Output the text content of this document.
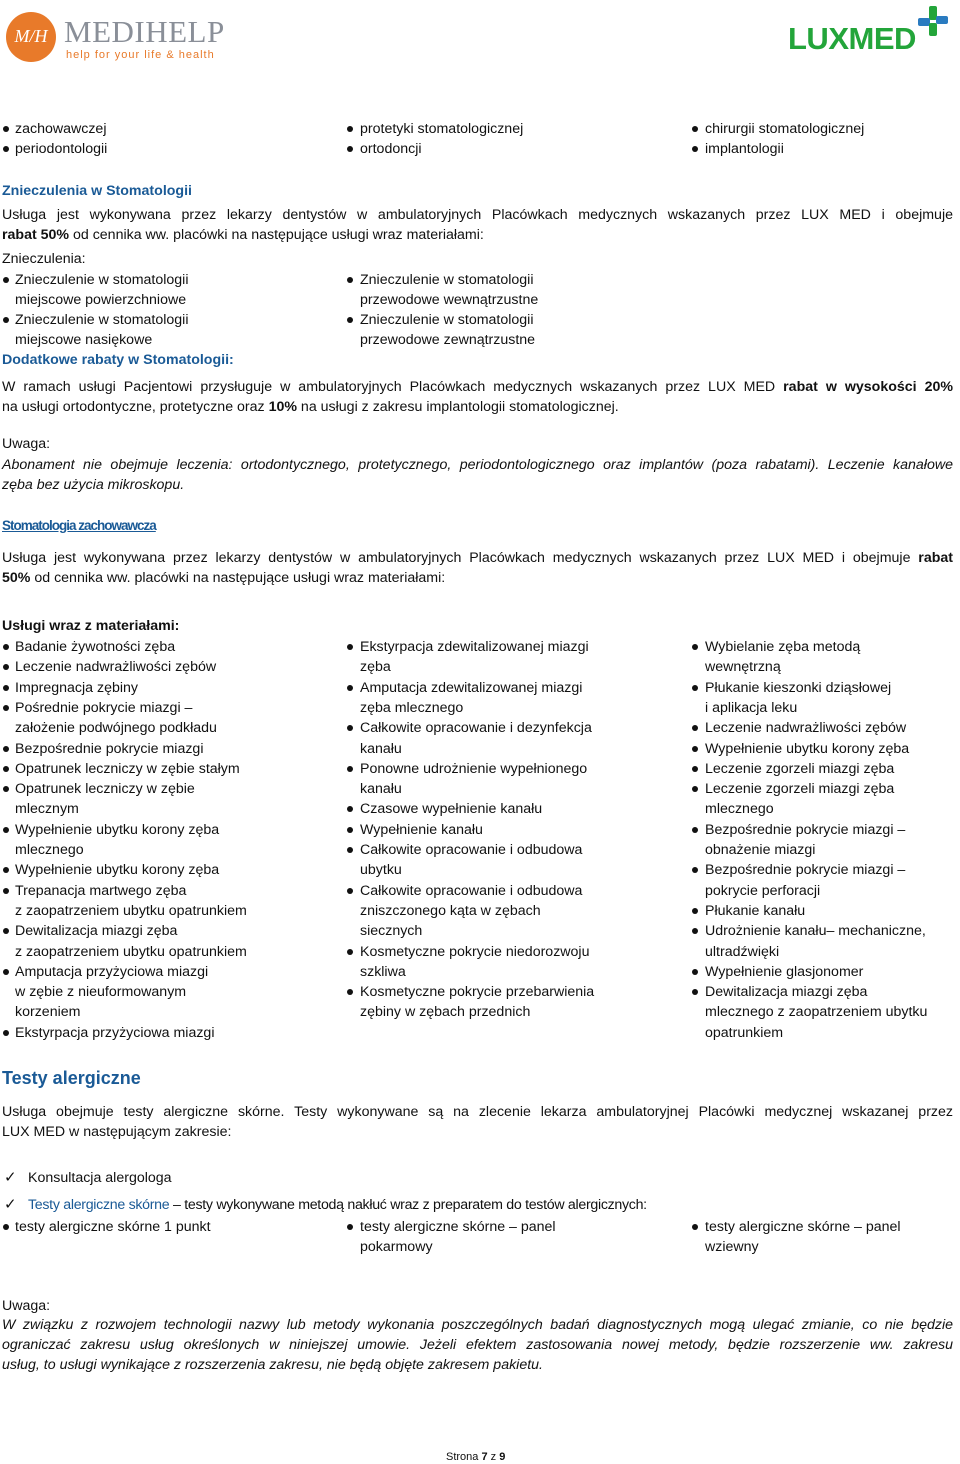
M/H MEDIHELP
help for your life & health	LUXMED
zachowawczej
periodontologii
protetyki stomatologicznej
ortodoncji
chirurgii stomatologicznej
implantologii
Znieczulenia w Stomatologii
Usługa jest wykonywana przez lekarzy dentystów w ambulatoryjnych Placówkach medycznych wskazanych przez LUX MED i obejmuje
rabat 50% od cennika ww. placówki na następujące usługi wraz materiałami:
Znieczulenia:
Znieczulenie w stomatologii
miejscowe powierzchniowe
Znieczulenie w stomatologii
miejscowe nasiękowe
Znieczulenie w stomatologii
przewodowe wewnątrzustne
Znieczulenie w stomatologii
przewodowe zewnątrzustne
Dodatkowe rabaty w Stomatologii:
W ramach usługi Pacjentowi przysługuje w ambulatoryjnych Placówkach medycznych wskazanych przez LUX MED rabat w wysokości 20%
na usługi ortodontyczne, protetyczne oraz 10% na usługi z zakresu implantologii stomatologicznej.
Uwaga:
Abonament nie obejmuje leczenia: ortodontycznego, protetycznego, periodontologicznego oraz implantów (poza rabatami). Leczenie kanałowe
zęba bez użycia mikroskopu.
Stomatologia zachowawcza
Usługa jest wykonywana przez lekarzy dentystów w ambulatoryjnych Placówkach medycznych wskazanych przez LUX MED i obejmuje rabat
50% od cennika ww. placówki na następujące usługi wraz materiałami:
Usługi wraz z materiałami:
Badanie żywotności zęba
Leczenie nadwrażliwości zębów
Impregnacja zębiny
Pośrednie pokrycie miazgi –
założenie podwójnego podkładu
Bezpośrednie pokrycie miazgi
Opatrunek leczniczy w zębie stałym
Opatrunek leczniczy w zębie
mlecznym
Wypełnienie ubytku korony zęba
mlecznego
Wypełnienie ubytku korony zęba
Trepanacja martwego zęba
z zaopatrzeniem ubytku opatrunkiem
Dewitalizacja miazgi zęba
z zaopatrzeniem ubytku opatrunkiem
Amputacja przyżyciowa miazgi
w zębie z nieuformowanym
korzeniem
Ekstyrpacja przyżyciowa miazgi
Ekstyrpacja zdewitalizowanej miazgi
zęba
Amputacja zdewitalizowanej miazgi
zęba mlecznego
Całkowite opracowanie i dezynfekcja
kanału
Ponowne udrożnienie wypełnionego
kanału
Czasowe wypełnienie kanału
Wypełnienie kanału
Całkowite opracowanie i odbudowa
ubytku
Całkowite opracowanie i odbudowa
zniszczonego kąta w zębach
siecznych
Kosmetyczne pokrycie niedorozwoju
szkliwa
Kosmetyczne pokrycie przebarwienia
zębiny w zębach przednich
Wybielanie zęba metodą
wewnętrzną
Płukanie kieszonki dziąsłowej
i aplikacja leku
Leczenie nadwrażliwości zębów
Wypełnienie ubytku korony zęba
Leczenie zgorzeli miazgi zęba
Leczenie zgorzeli miazgi zęba
mlecznego
Bezpośrednie pokrycie miazgi –
obnażenie miazgi
Bezpośrednie pokrycie miazgi –
pokrycie perforacji
Płukanie kanału
Udrożnienie kanału– mechaniczne,
ultradźwięki
Wypełnienie glasjonomer
Dewitalizacja miazgi zęba
mlecznego z zaopatrzeniem ubytku
opatrunkiem
Testy alergiczne
Usługa obejmuje testy alergiczne skórne. Testy wykonywane są na zlecenie lekarza ambulatoryjnej Placówki medycznej wskazanej przez
LUX MED w następującym zakresie:
✓ Konsultacja alergologa
✓ Testy alergiczne skórne – testy wykonywane metodą nakłuć wraz z preparatem do testów alergicznych:
testy alergiczne skórne 1 punkt	testy alergiczne skórne – panel
pokarmowy
testy alergiczne skórne – panel
wziewny
Uwaga:
W związku z rozwojem technologii nazwy lub metody wykonania poszczególnych badań diagnostycznych mogą ulegać zmianie, co nie będzie
ograniczać zakresu usług określonych w niniejszej umowie. Jeżeli efektem zastosowania nowej metody, będzie rozszerzenie ww. zakresu
usług, to usługi wynikające z rozszerzenia zakresu, nie będą objęte zakresem pakietu.
Strona 7 z 9
